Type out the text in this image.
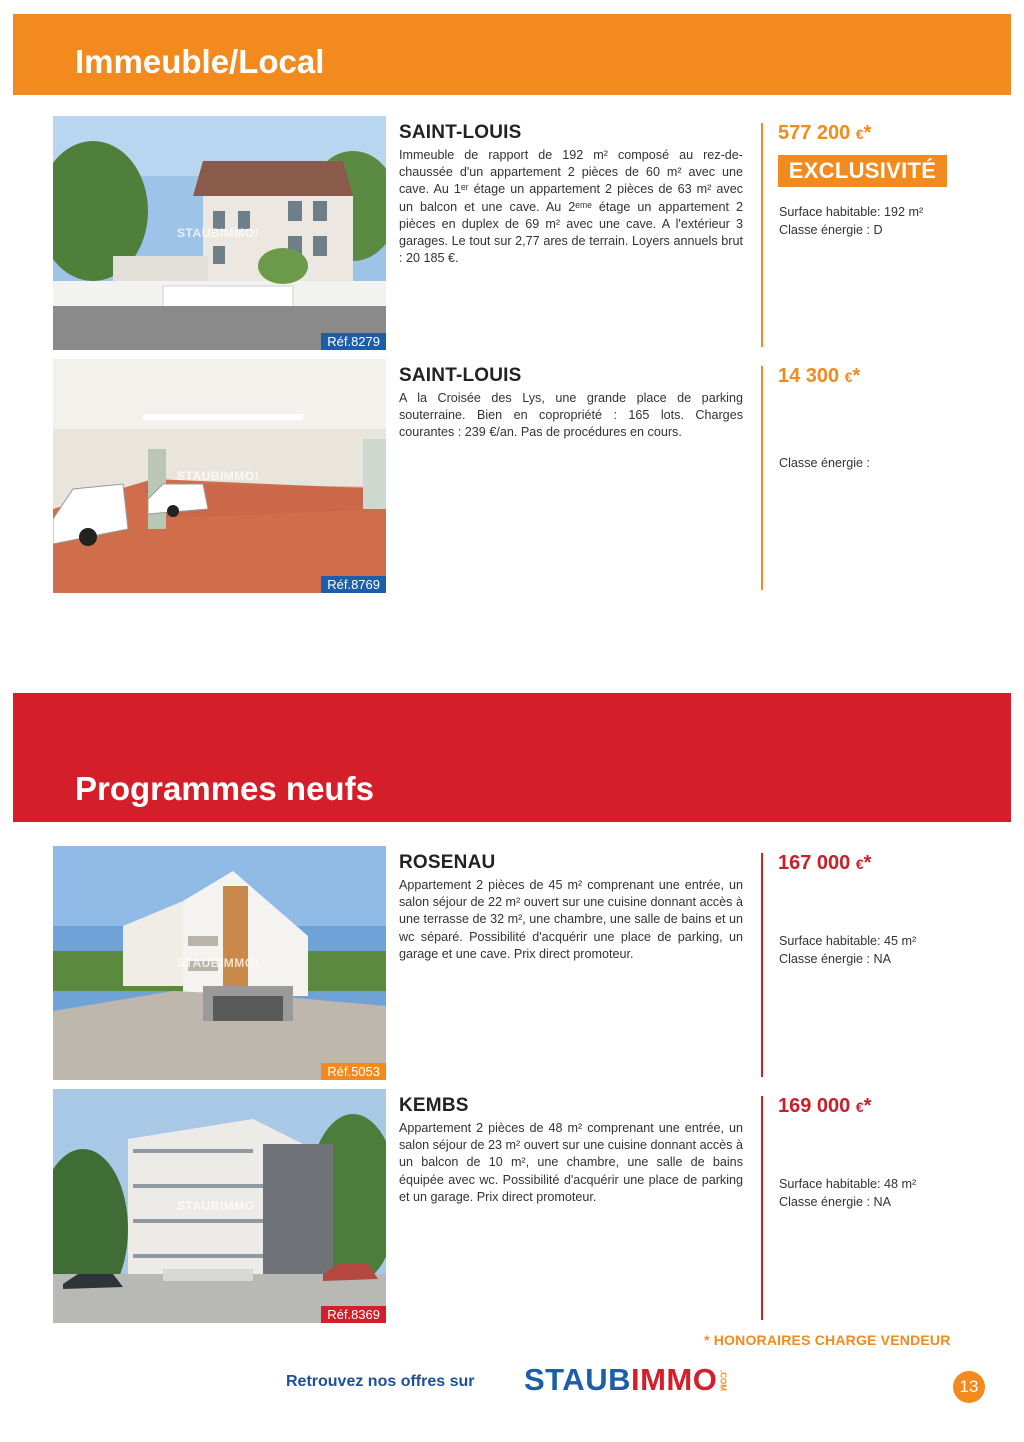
Immeuble/Local
STAUBIMMO!
Réf.8279
SAINT-LOUIS
Immeuble de rapport de 192 m² composé au rez-de-chaussée d'un appartement 2 pièces de 60 m² avec une cave. Au 1ᵉʳ étage un appartement 2 pièces de 63 m² avec un balcon et une cave. Au 2ᵉᵐᵉ étage un appartement 2 pièces en duplex de 69 m² avec une cave. A l'extérieur 3 garages. Le tout sur 2,77 ares de terrain. Loyers annuels brut : 20 185 €.
577 200 €*
EXCLUSIVITÉ
Surface habitable: 192 m²
Classe énergie : D
STAUBIMMO!
Réf.8769
SAINT-LOUIS
A la Croisée des Lys, une grande place de parking souterraine. Bien en copropriété : 165 lots. Charges courantes : 239 €/an. Pas de procédures en cours.
14 300 €*
Classe énergie :
Programmes neufs
STAUBIMMO!
Réf.5053
ROSENAU
Appartement 2 pièces de 45 m² comprenant une entrée, un salon séjour de 22 m² ouvert sur une cuisine donnant accès à une terrasse de 32 m², une chambre, une salle de bains et un wc séparé. Possibilité d'acquérir une place de parking, un garage et une cave. Prix direct promoteur.
167 000 €*
Surface habitable: 45 m²
Classe énergie : NA
STAUBIMMO
Réf.8369
KEMBS
Appartement 2 pièces de 48 m² comprenant une entrée, un salon séjour de 23 m² ouvert sur une cuisine donnant accès à un balcon de 10 m², une chambre, une salle de bains équipée avec wc. Possibilité d'acquérir une place de parking et un garage. Prix direct promoteur.
169 000 €*
Surface habitable: 48 m²
Classe énergie : NA
* HONORAIRES CHARGE VENDEUR
Retrouvez nos offres sur STAUBIMMO .COM	13
